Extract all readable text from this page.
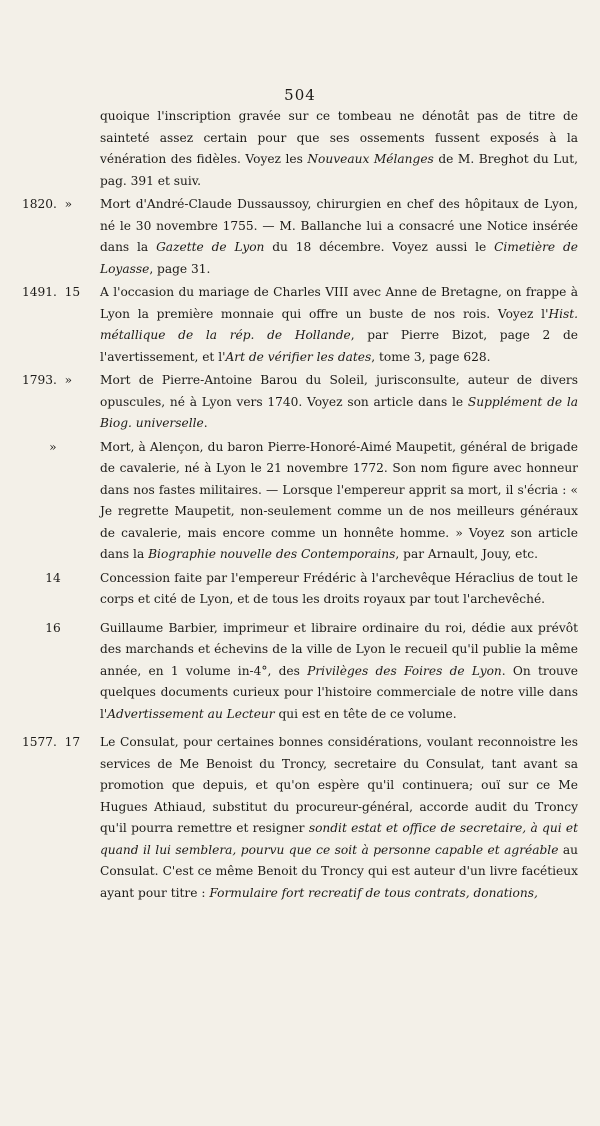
504
quoique l'inscription gravée sur ce tombeau ne dénotât pas de titre de sainteté assez certain pour que ses ossements fussent exposés à la vénération des fidèles. Voyez les Nouveaux Mélanges de M. Breghot du Lut, pag. 391 et suiv.
1820.  »	Mort d'André-Claude Dussaussoy, chirurgien en chef des hôpitaux de Lyon, né le 30 novembre 1755. — M. Ballanche lui a consacré une Notice insérée dans la Gazette de Lyon du 18 décembre. Voyez aussi le Cimetière de Loyasse, page 31.
1491.  15	A l'occasion du mariage de Charles VIII avec Anne de Bretagne, on frappe à Lyon la première monnaie qui offre un buste de nos rois. Voyez l'Hist. métallique de la rép. de Hollande, par Pierre Bizot, page 2 de l'avertissement, et l'Art de vérifier les dates, tome 3, page 628.
1793.  »	Mort de Pierre-Antoine Barou du Soleil, jurisconsulte, auteur de divers opuscules, né à Lyon vers 1740. Voyez son article dans le Supplément de la Biog. universelle.
»	Mort, à Alençon, du baron Pierre-Honoré-Aimé Maupetit, général de brigade de cavalerie, né à Lyon le 21 novembre 1772. Son nom figure avec honneur dans nos fastes militaires. — Lorsque l'empereur apprit sa mort, il s'écria : « Je regrette Maupetit, non-seulement comme un de nos meilleurs généraux de cavalerie, mais encore comme un honnête homme. » Voyez son article dans la Biographie nouvelle des Contemporains, par Arnault, Jouy, etc.
14	Concession faite par l'empereur Frédéric à l'archevêque Héraclius de tout le corps et cité de Lyon, et de tous les droits royaux par tout l'archevêché.
16	Guillaume Barbier, imprimeur et libraire ordinaire du roi, dédie aux prévôt des marchands et échevins de la ville de Lyon le recueil qu'il publie la même année, en 1 volume in-4°, des Privilèges des Foires de Lyon. On trouve quelques documents curieux pour l'histoire commerciale de notre ville dans l'Advertissement au Lecteur qui est en tête de ce volume.
1577.  17	Le Consulat, pour certaines bonnes considérations, voulant reconnoistre les services de Me Benoist du Troncy, secretaire du Consulat, tant avant sa promotion que depuis, et qu'on espère qu'il continuera; ouï sur ce Me Hugues Athiaud, substitut du procureur-général, accorde audit du Troncy qu'il pourra remettre et resigner sondit estat et office de secretaire, à qui et quand il lui semblera, pourvu que ce soit à personne capable et agréable au Consulat. C'est ce même Benoit du Troncy qui est auteur d'un livre facétieux ayant pour titre : Formulaire fort recreatif de tous contrats, donations,
